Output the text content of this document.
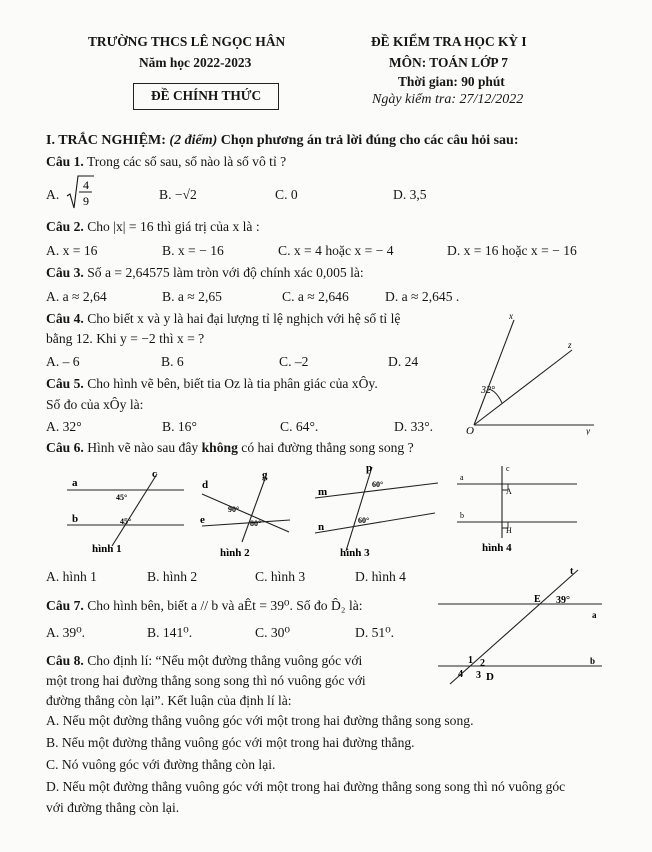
TRƯỜNG THCS LÊ NGỌC HÂN
Năm học 2022-2023
ĐỀ CHÍNH THỨC
ĐỀ KIỂM TRA HỌC KỲ I
MÔN: TOÁN LỚP 7
Thời gian: 90 phút
Ngày kiểm tra: 27/12/2022
I. TRẮC NGHIỆM: (2 điểm) Chọn phương án trả lời đúng cho các câu hỏi sau:
Câu 1. Trong các số sau, số nào là số vô tỉ ?
A.
4
9	B. −√2	C. 0	D. 3,5
Câu 2. Cho |x| = 16 thì giá trị của x là :
A. x = 16	B. x = − 16	C. x = 4 hoặc x = − 4	D. x = 16 hoặc x = − 16
Câu 3. Số a = 2,64575 làm tròn với độ chính xác 0,005 là:
A. a ≈ 2,64	B. a ≈ 2,65	C. a ≈ 2,646	D. a ≈ 2,645 .
Câu 4. Cho biết x và y là hai đại lượng tỉ lệ nghịch với hệ số tỉ lệ
bằng 12. Khi y = −2 thì x = ?
A. – 6	B. 6	C. –2	D. 24
Câu 5. Cho hình vẽ bên, biết tia Oz là tia phân giác của xÔy.
Số đo của xÔy là:
A. 32°	B. 16°	C. 64°.	D. 33°.
32°
x
z
O	y
Câu 6. Hình vẽ nào sau đây không có hai đường thẳng song song ?
a
b
c
45°
45°
hình 1
d
e
g
90°
80°
hình 2
m
n
p
60°
60°
hình 3
a
b
c
A
H
hình 4
A. hình 1	B. hình 2	C. hình 3	D. hình 4
Câu 7. Cho hình bên, biết a // b và aÊt = 39⁰. Số đo D̂₂ là:
A. 39⁰.	B. 141⁰.	C. 30⁰	D. 51⁰.
t
E 39°
a
b
1 2
3
4 D
Câu 8. Cho định lí: “Nếu một đường thẳng vuông góc với
một trong hai đường thẳng song song thì nó vuông góc với
đường thẳng còn lại”. Kết luận của định lí là:
A. Nếu một đường thẳng vuông góc với một trong hai đường thẳng song song.
B. Nếu một đường thẳng vuông góc với một trong hai đường thẳng.
C. Nó vuông góc với đường thẳng còn lại.
D. Nếu một đường thẳng vuông góc với một trong hai đường thẳng song song thì nó vuông góc
với đường thẳng còn lại.
